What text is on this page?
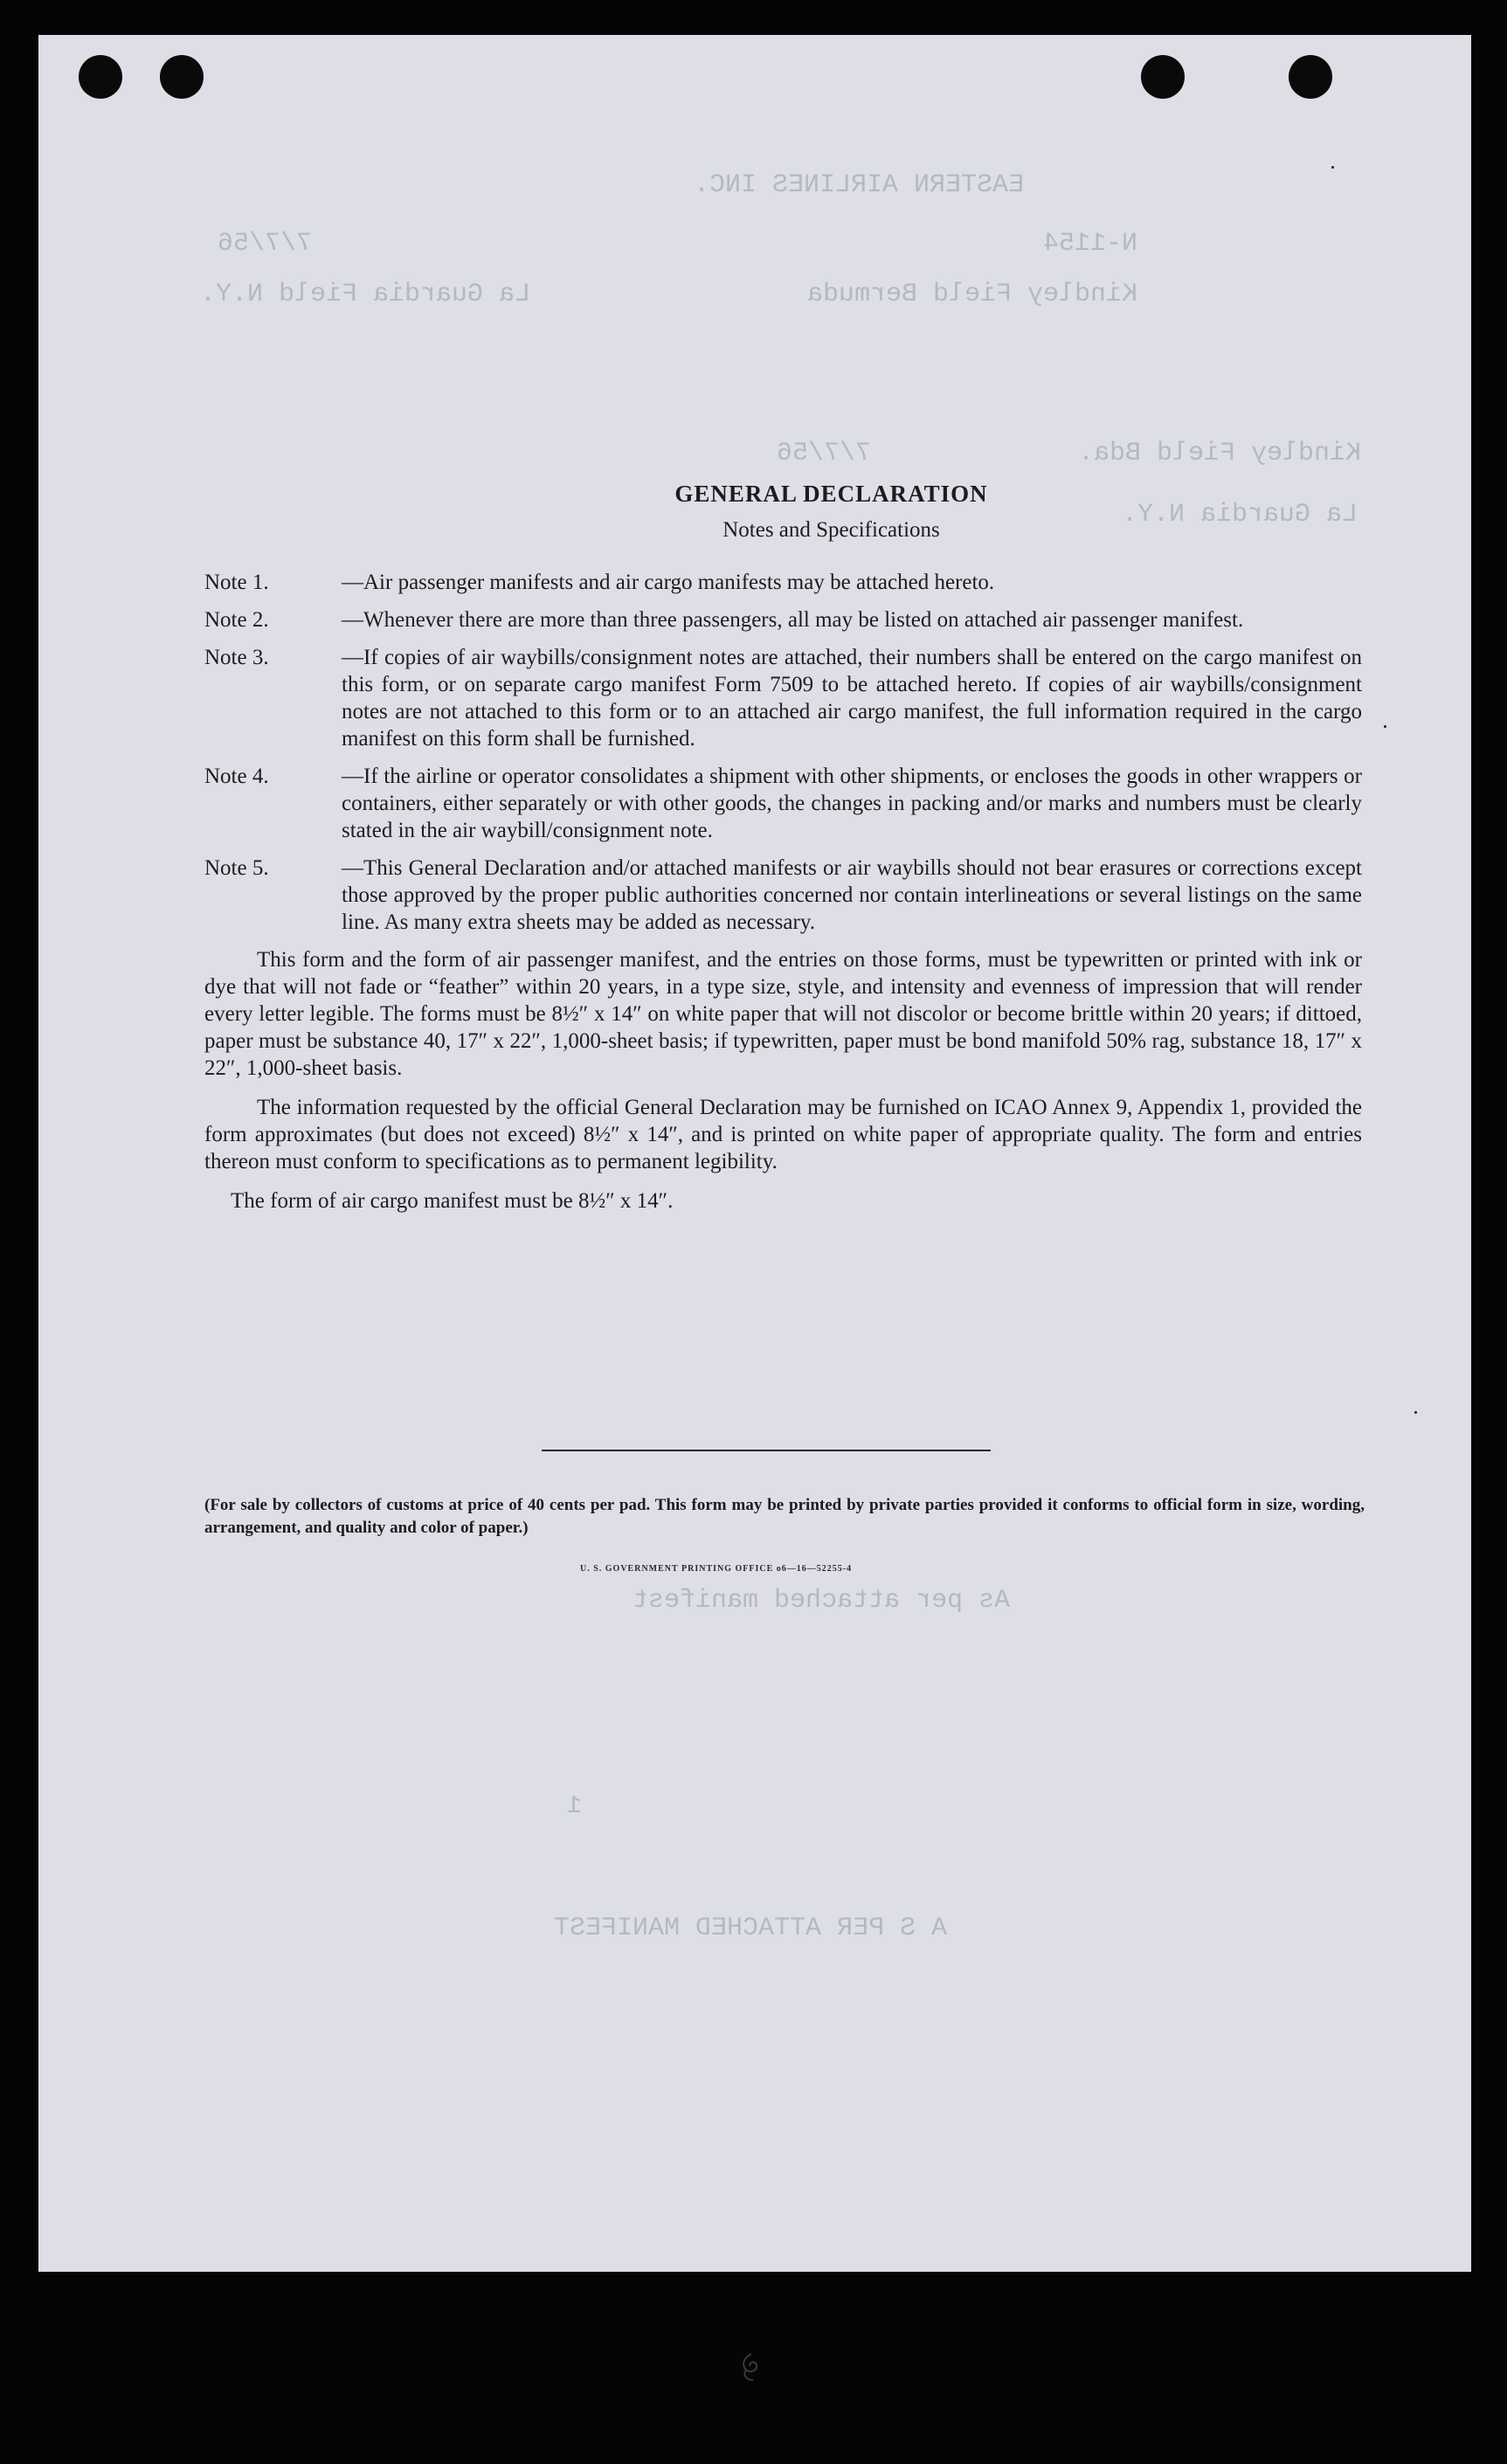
EASTERN AIRLINES INC.
N-1154
7/7/56
Kindley Field Bermuda
La Guardia Field N.Y.
Kindley Field Bda.
7/7/56
La Guardia N.Y.
As per attached manifest
A S PER ATTACHED MANIFEST
1
GENERAL DECLARATION
Notes and Specifications
Note 1.	—Air passenger manifests and air cargo manifests may be attached hereto.
Note 2.	—Whenever there are more than three passengers, all may be listed on attached air passenger manifest.
Note 3.	—If copies of air waybills/consignment notes are attached, their numbers shall be entered on the cargo manifest on this form, or on separate cargo manifest Form 7509 to be attached hereto. If copies of air waybills/consignment notes are not attached to this form or to an attached air cargo manifest, the full information required in the cargo manifest on this form shall be furnished.
Note 4.	—If the airline or operator consolidates a shipment with other shipments, or encloses the goods in other wrappers or containers, either separately or with other goods, the changes in packing and/or marks and numbers must be clearly stated in the air waybill/consignment note.
Note 5.	—This General Declaration and/or attached manifests or air waybills should not bear erasures or corrections except those approved by the proper public authorities concerned nor contain interlineations or several listings on the same line. As many extra sheets may be added as necessary.

This form and the form of air passenger manifest, and the entries on those forms, must be typewritten or printed with ink or dye that will not fade or “feather” within 20 years, in a type size, style, and intensity and evenness of impression that will render every letter legible. The forms must be 8½″ x 14″ on white paper that will not discolor or become brittle within 20 years; if dittoed, paper must be substance 40, 17″ x 22″, 1,000-sheet basis; if typewritten, paper must be bond manifold 50% rag, substance 18, 17″ x 22″, 1,000-sheet basis.

The information requested by the official General Declaration may be furnished on ICAO Annex 9, Appendix 1, provided the form approximates (but does not exceed) 8½″ x 14″, and is printed on white paper of appropriate quality. The form and entries thereon must conform to specifications as to permanent legibility.

The form of air cargo manifest must be 8½″ x 14″.

(For sale by collectors of customs at price of 40 cents per pad. This form may be printed by private parties provided it conforms to official form in size, wording, arrangement, and quality and color of paper.)
U. S. GOVERNMENT PRINTING OFFICE o6—16—52255-4
